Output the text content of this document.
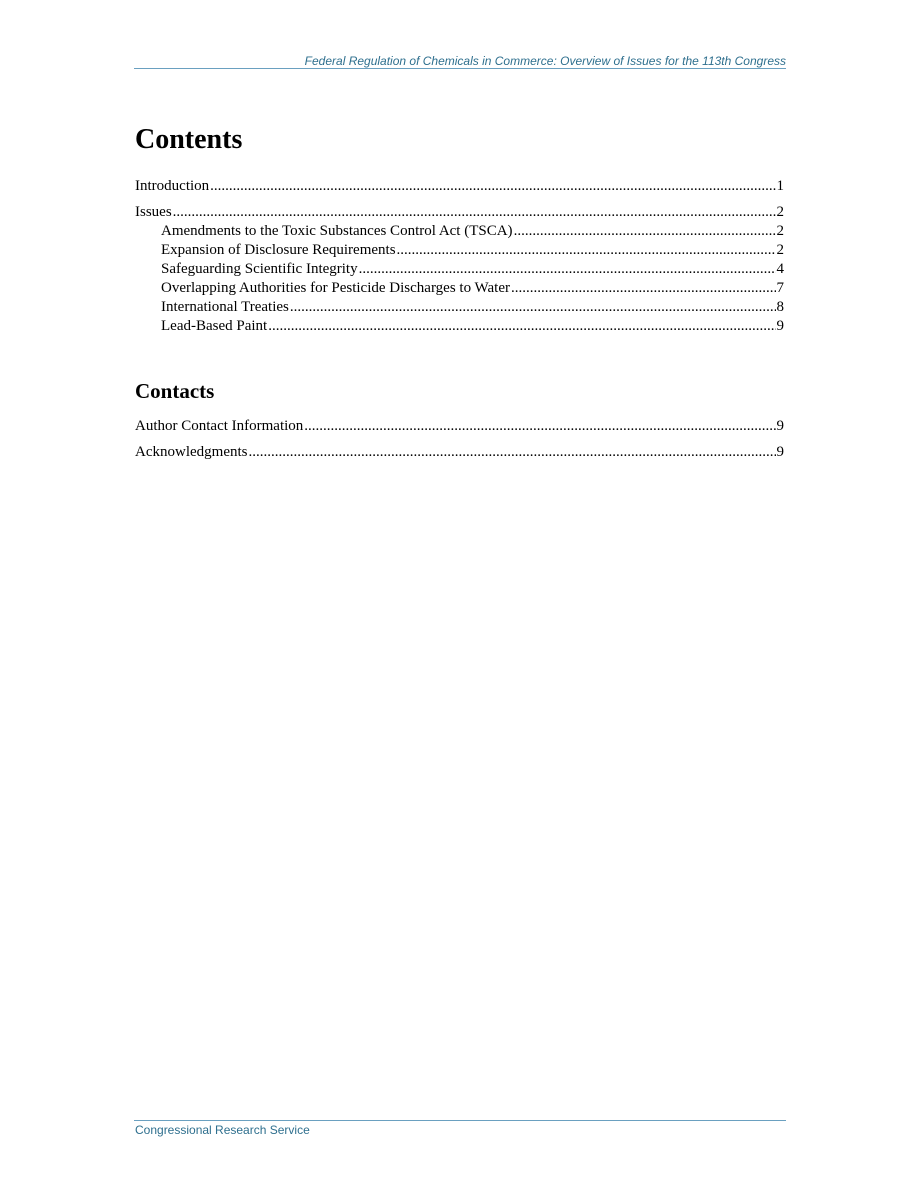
Federal Regulation of Chemicals in Commerce: Overview of Issues for the 113th Congress
Contents
Introduction .....	1
Issues .....	2
Amendments to the Toxic Substances Control Act (TSCA) .....	2
Expansion of Disclosure Requirements .....	2
Safeguarding Scientific Integrity .....	4
Overlapping Authorities for Pesticide Discharges to Water .....	7
International Treaties .....	8
Lead-Based Paint .....	9
Contacts
Author Contact Information .....	9
Acknowledgments .....	9
Congressional Research Service
